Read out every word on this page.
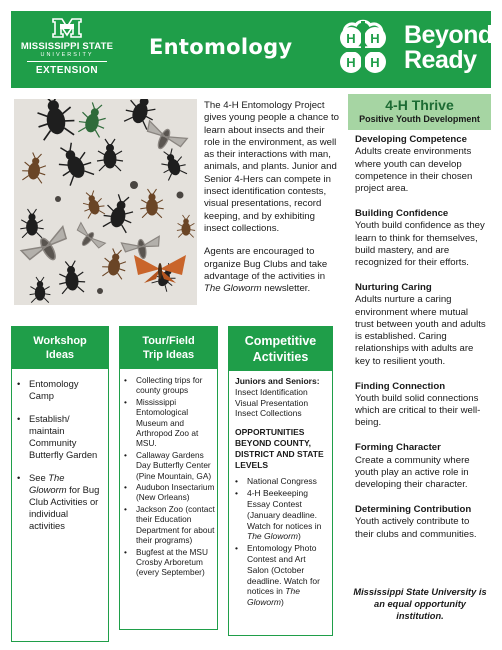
MISSISSIPPI STATE
UNIVERSITY
EXTENSION
Entomology	H H
H H
Beyond
Ready

The 4-H Entomology Project gives young people a chance to learn about insects and their role in the environment, as well as their interactions with man, animals, and plants. Junior and Senior 4-Hers can compete in insect identification contests, visual presentations, record keeping, and by exhibiting insect collections.

Agents are encouraged to organize Bug Clubs and take advantage of the activities in The Gloworm newsletter.

4-H Thrive
Positive Youth Development
Developing Competence
Adults create environments where youth can develop competence in their chosen project area.
Building Confidence
Youth build confidence as they learn to think for themselves, build mastery, and are recognized for their efforts.
Nurturing Caring
Adults nurture a caring environment where mutual trust between youth and adults is established. Caring relationships with adults are key to resilient youth.
Finding Connection
Youth build solid connections which are critical to their well-being.
Forming Character
Create a community where youth play an active role in developing their character.
Determining Contribution
Youth actively contribute to their clubs and communities.
Mississippi State University is an equal opportunity institution.
Workshop
Ideas
• Entomology Camp
• Establish/ maintain Community Butterfly Garden
• See The Gloworm for Bug Club Activities or individual activities
Tour/Field
Trip Ideas
• Collecting trips for county groups
• Mississippi Entomological Museum and Arthropod Zoo at MSU.
• Callaway Gardens Day Butterfly Center (Pine Mountain, GA)
• Audubon Insectarium (New Orleans)
• Jackson Zoo (contact their Education Department for about their programs)
• Bugfest at the MSU Crosby Arboretum (every September)
Competitive
Activities
Juniors and Seniors:
Insect Identification
Visual Presentation
Insect Collections
OPPORTUNITIES BEYOND COUNTY, DISTRICT AND STATE LEVELS
• National Congress
• 4-H Beekeeping Essay Contest (January deadline. Watch for notices in The Gloworm)
• Entomology Photo Contest and Art Salon (October deadline. Watch for notices in The Gloworm)
